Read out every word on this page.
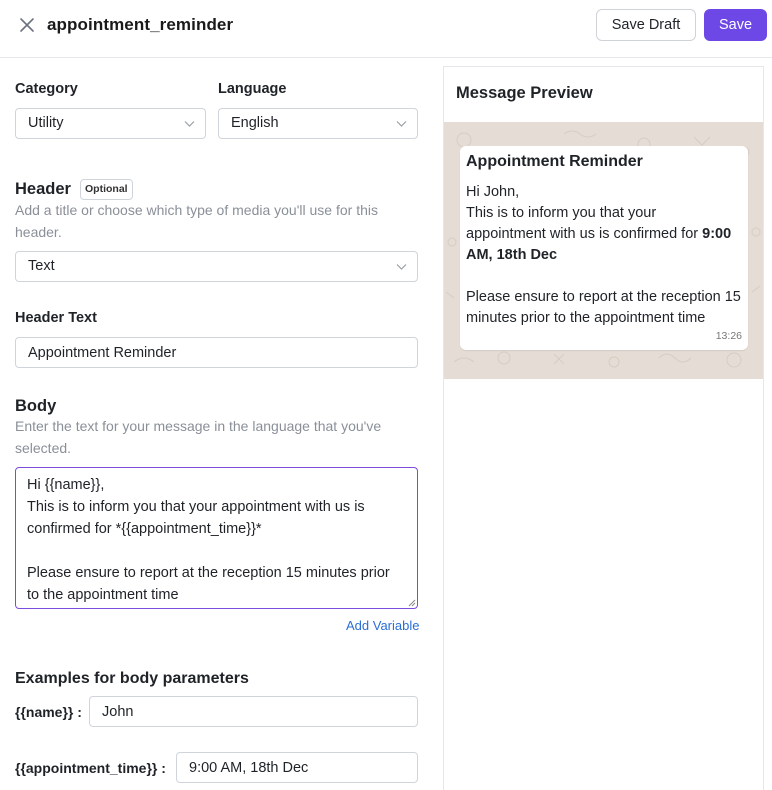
appointment_reminder	Save Draft	Save
Category	Language
Utility	English
Header	Optional
Add a title or choose which type of media you'll use for this
header.
Text
Header Text
Appointment Reminder
Body
Enter the text for your message in the language that you've
selected.
Hi {{name}},
This is to inform you that your appointment with us is
confirmed for *{{appointment_time}}*
Please ensure to report at the reception 15 minutes prior
to the appointment time
Add Variable
Examples for body parameters
{{name}} :
John
{{appointment_time}} :
9:00 AM, 18th Dec
Message Preview
Appointment Reminder
Hi John,
This is to inform you that your
appointment with us is confirmed for 9:00
AM, 18th Dec
Please ensure to report at the reception 15
minutes prior to the appointment time
13:26
